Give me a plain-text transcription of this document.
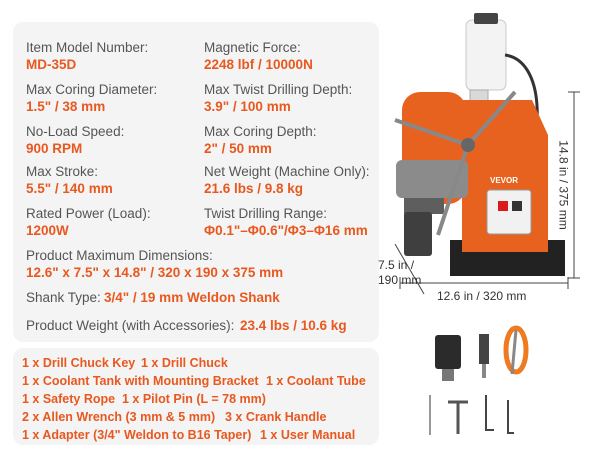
Item Model Number:
MD-35D
Magnetic Force:
2248 lbf / 10000N
Max Coring Diameter:
1.5" / 38 mm
Max Twist Drilling Depth:
3.9" / 100 mm
No-Load Speed:
900 RPM
Max Coring Depth:
2" / 50 mm
Max Stroke:
5.5" / 140 mm
Net Weight (Machine Only):
21.6 lbs / 9.8 kg
Rated Power (Load):
1200W
Twist Drilling Range:
Φ0.1"–Φ0.6"/Φ3–Φ16 mm
Product Maximum Dimensions:
12.6" x 7.5" x 14.8" / 320 x 190 x 375 mm
Shank Type: 3/4" / 19 mm Weldon Shank
Product Weight (with Accessories): 23.4 lbs / 10.6 kg
1 x Drill Chuck Key 1 x Drill Chuck
1 x Coolant Tank with Mounting Bracket 1 x Coolant Tube
1 x Safety Rope 1 x Pilot Pin (L = 78 mm)
2 x Allen Wrench (3 mm & 5 mm) 3 x Crank Handle
1 x Adapter (3/4" Weldon to B16 Taper) 1 x User Manual
VEVOR	14.8 in / 375 mm
7.5 in /
190 mm
12.6 in / 320 mm
